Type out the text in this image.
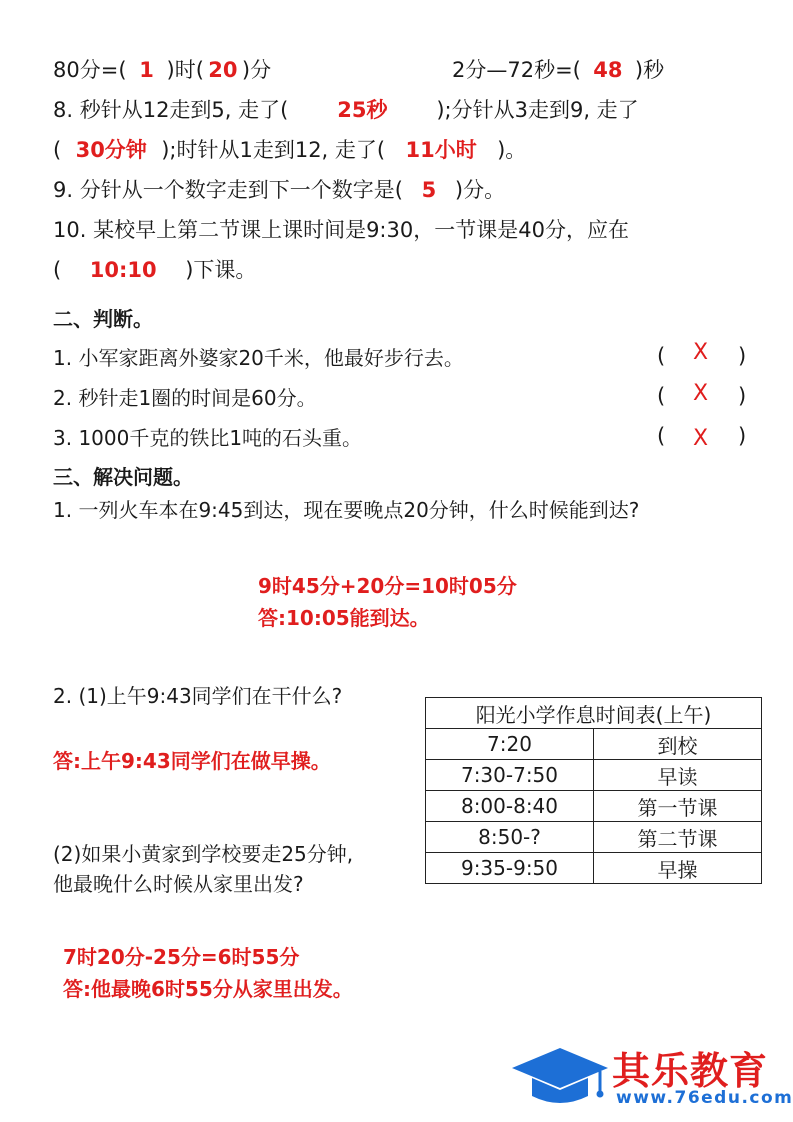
80分=( 1 )时( 20 )分	2分—72秒=( 48 )秒
8. 秒针从12走到5, 走了( 25秒 );分针从3走到9, 走了
( 30分钟 );时针从1走到12, 走了( 11小时 )。
9. 分针从一个数字走到下一个数字是( 5 )分。
10. 某校早上第二节课上课时间是9:30，一节课是40分，应在
( 10:10 )下课。
二、判断。
1. 小军家距离外婆家20千米，他最好步行去。	( X )
2. 秒针走1圈的时间是60分。	( X )
3. 1000千克的铁比1吨的石头重。	( X )
三、解决问题。
1. 一列火车本在9:45到达，现在要晚点20分钟，什么时候能到达?
9时45分+20分=10时05分
答:10:05能到达。
2. (1)上午9:43同学们在干什么?
答:上午9:43同学们在做早操。
(2)如果小黄家到学校要走25分钟,
他最晚什么时候从家里出发?
7时20分-25分=6时55分
答:他最晚6时55分从家里出发。
阳光小学作息时间表(上午)	
7:20	到校
7:30-7:50	早读
8:00-8:40	第一节课
8:50-?	第二节课
9:35-9:50	早操
其乐教育
www.76edu.com
